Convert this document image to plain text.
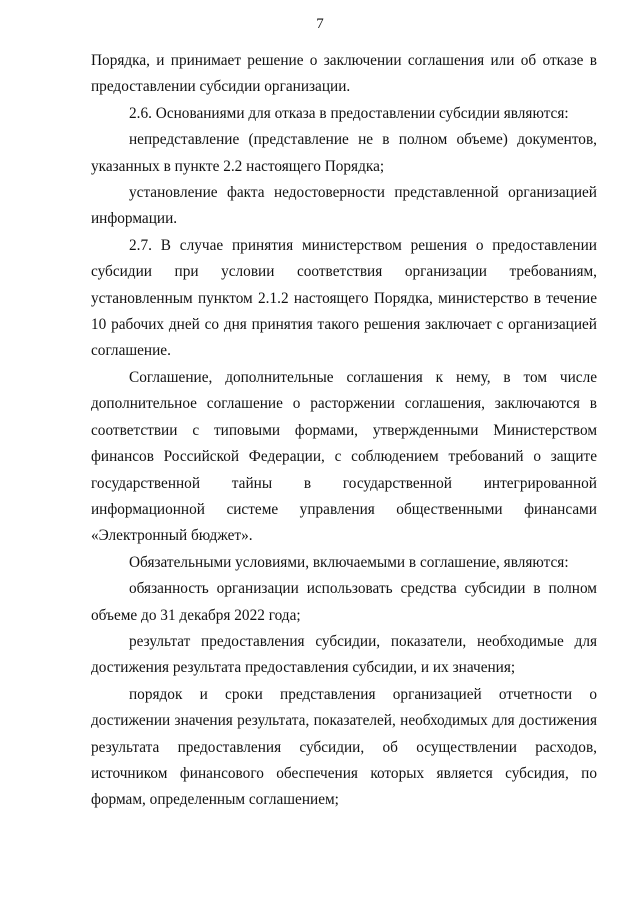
7

Порядка, и принимает решение о заключении соглашения или об отказе в предоставлении субсидии организации.

2.6. Основаниями для отказа в предоставлении субсидии являются:

непредставление (представление не в полном объеме) документов, указанных в пункте 2.2 настоящего Порядка;

установление факта недостоверности представленной организацией информации.

2.7. В случае принятия министерством решения о предоставлении субсидии при условии соответствия организации требованиям, установленным пунктом 2.1.2 настоящего Порядка, министерство в течение 10 рабочих дней со дня принятия такого решения заключает с организацией соглашение.

Соглашение, дополнительные соглашения к нему, в том числе дополнительное соглашение о расторжении соглашения, заключаются в соответствии с типовыми формами, утвержденными Министерством финансов Российской Федерации, с соблюдением требований о защите государственной тайны в государственной интегрированной информационной системе управления общественными финансами «Электронный бюджет».

Обязательными условиями, включаемыми в соглашение, являются:

обязанность организации использовать средства субсидии в полном объеме до 31 декабря 2022 года;

результат предоставления субсидии, показатели, необходимые для достижения результата предоставления субсидии, и их значения;

порядок и сроки представления организацией отчетности о достижении значения результата, показателей, необходимых для достижения результата предоставления субсидии, об осуществлении расходов, источником финансового обеспечения которых является субсидия, по формам, определенным соглашением;
